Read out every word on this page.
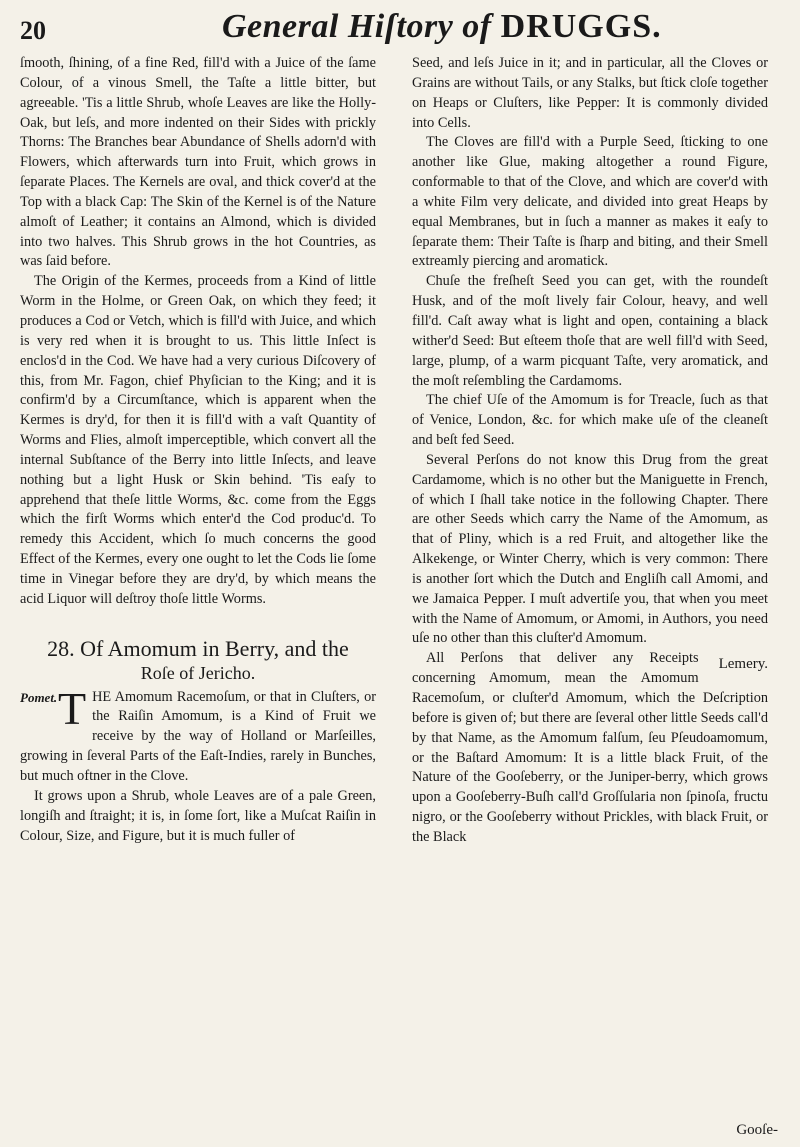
20	General Hiſtory of DRUGGS.

ſmooth, ſhining, of a fine Red, fill'd with a Juice of the ſame Colour, of a vinous Smell, the Taſte a little bitter, but agreeable. 'Tis a little Shrub, whoſe Leaves are like the Holly-Oak, but leſs, and more indented on their Sides with prickly Thorns: The Branches bear Abundance of Shells adorn'd with Flowers, which afterwards turn into Fruit, which grows in ſeparate Places. The Kernels are oval, and thick cover'd at the Top with a black Cap: The Skin of the Kernel is of the Nature almoſt of Leather; it contains an Almond, which is divided into two halves. This Shrub grows in the hot Countries, as was ſaid before.

The Origin of the Kermes, proceeds from a Kind of little Worm in the Holme, or Green Oak, on which they feed; it produces a Cod or Vetch, which is fill'd with Juice, and which is very red when it is brought to us. This little Inſect is enclos'd in the Cod. We have had a very curious Diſcovery of this, from Mr. Fagon, chief Phyſician to the King; and it is confirm'd by a Circumſtance, which is apparent when the Kermes is dry'd, for then it is fill'd with a vaſt Quantity of Worms and Flies, almoſt imperceptible, which convert all the internal Subſtance of the Berry into little Inſects, and leave nothing but a light Husk or Skin behind. 'Tis eaſy to apprehend that theſe little Worms, &c. come from the Eggs which the firſt Worms which enter'd the Cod produc'd. To remedy this Accident, which ſo much concerns the good Effect of the Kermes, every one ought to let the Cods lie ſome time in Vinegar before they are dry'd, by which means the acid Liquor will deſtroy thoſe little Worms.

28. Of Amomum in Berry, and the
Roſe of Jericho.

Pomet. T HE Amomum Racemoſum, or that in Cluſters, or the Raiſin Amomum, is a Kind of Fruit we receive by the way of Holland or Marſeilles, growing in ſeveral Parts of the Eaſt-Indies, rarely in Bunches, but much oftner in the Clove.

It grows upon a Shrub, whole Leaves are of a pale Green, longiſh and ſtraight; it is, in ſome ſort, like a Muſcat Raiſin in Colour, Size, and Figure, but it is much fuller of

Seed, and leſs Juice in it; and in particular, all the Cloves or Grains are without Tails, or any Stalks, but ſtick cloſe together on Heaps or Cluſters, like Pepper: It is commonly divided into Cells.

The Cloves are fill'd with a Purple Seed, ſticking to one another like Glue, making altogether a round Figure, conformable to that of the Clove, and which are cover'd with a white Film very delicate, and divided into great Heaps by equal Membranes, but in ſuch a manner as makes it eaſy to ſeparate them: Their Taſte is ſharp and biting, and their Smell extreamly piercing and aromatick.

Chuſe the freſheſt Seed you can get, with the roundeſt Husk, and of the moſt lively fair Colour, heavy, and well fill'd. Caſt away what is light and open, containing a black wither'd Seed: But eſteem thoſe that are well fill'd with Seed, large, plump, of a warm picquant Taſte, very aromatick, and the moſt reſembling the Cardamoms.

The chief Uſe of the Amomum is for Treacle, ſuch as that of Venice, London, &c. for which make uſe of the cleaneſt and beſt fed Seed.

Several Perſons do not know this Drug from the great Cardamome, which is no other but the Maniguette in French, of which I ſhall take notice in the following Chapter. There are other Seeds which carry the Name of the Amomum, as that of Pliny, which is a red Fruit, and altogether like the Alkekenge, or Winter Cherry, which is very common: There is another ſort which the Dutch and Engliſh call Amomi, and we Jamaica Pepper. I muſt advertiſe you, that when you meet with the Name of Amomum, or Amomi, in Authors, you need uſe no other than this cluſter'd Amomum.

Lemery.
All Perſons that deliver any Receipts concerning Amomum, mean the Amomum Racemoſum, or cluſter'd Amomum, which the Deſcription before is given of; but there are ſeveral other little Seeds call'd by that Name, as the Amomum falſum, ſeu Pſeudoamomum, or the Baſtard Amomum: It is a little black Fruit, of the Nature of the Gooſeberry, or the Juniper-berry, which grows upon a Gooſeberry-Buſh call'd Groſſularia non ſpinoſa, fructu nigro, or the Gooſeberry without Prickles, with black Fruit, or the Black

Gooſe-
